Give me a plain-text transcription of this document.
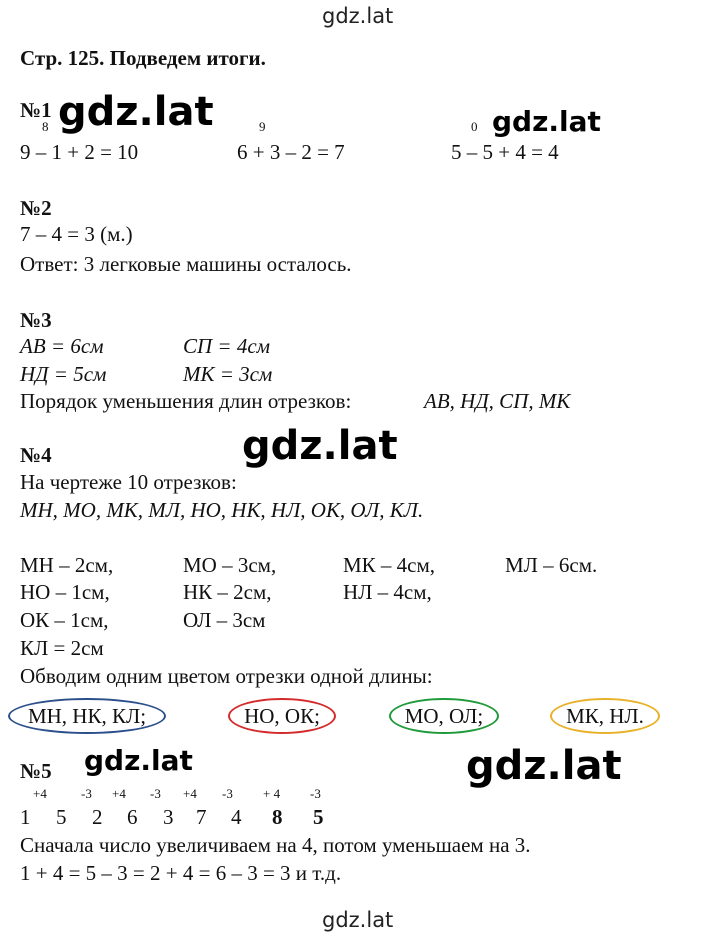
gdz.lat
gdz.lat
Стр. 125. Подведем итоги.
№1 gdz.lat
8	9	0 gdz.lat
9 – 1 + 2 = 10	6 + 3 – 2 = 7	5 – 5 + 4 = 4
№2
7 – 4 = 3 (м.)
Ответ: 3 легковые машины осталось.
№3
АВ = 6см	СП = 4см
НД = 5см	МК = 3см
Порядок уменьшения длин отрезков:	АВ, НД, СП, МК
gdz.lat
№4
На чертеже 10 отрезков:
МН, МО, МК, МЛ, НО, НК, НЛ, ОК, ОЛ, КЛ.
МН – 2см,	МО – 3см,	МК – 4см,	МЛ – 6см.
НО – 1см,	НК – 2см,	НЛ – 4см,
ОК – 1см,	ОЛ – 3см
КЛ = 2см
Обводим одним цветом отрезки одной длины:
МН, НК, КЛ;	НО, ОК;	МО, ОЛ;	МК, НЛ.
№5 gdz.lat	gdz.lat
+4	-3 +4 -3 +4 -3 + 4 -3
1 5 2 6 3 7 4 8 5
Сначала число увеличиваем на 4, потом уменьшаем на 3.
1 + 4 = 5 – 3 = 2 + 4 = 6 – 3 = 3 и т.д.
